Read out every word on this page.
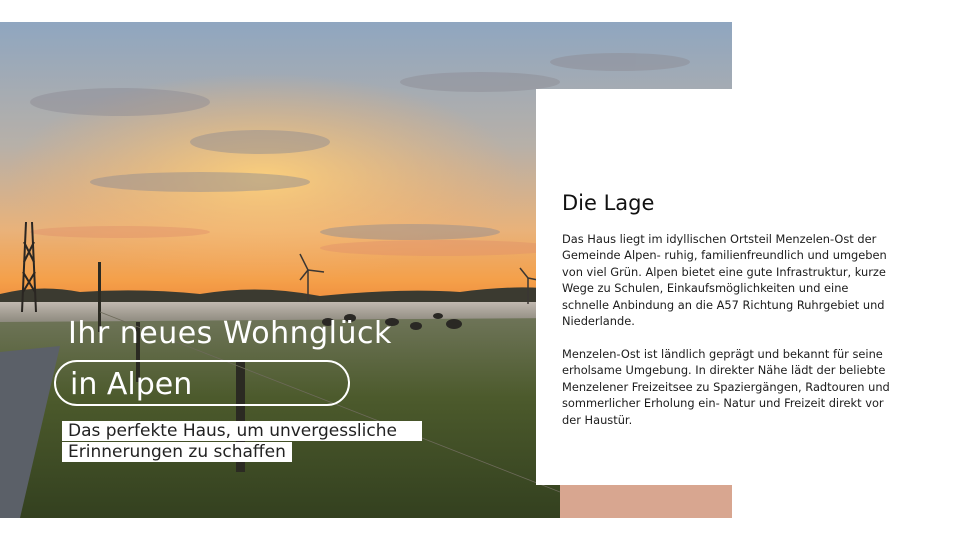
Ihr neues Wohnglück
in Alpen
Das perfekte Haus, um unvergessliche
Erinnerungen zu schaffen
Die Lage

Das Haus liegt im idyllischen Ortsteil Menzelen-Ost der Gemeinde Alpen- ruhig, familienfreundlich und umgeben von viel Grün. Alpen bietet eine gute Infrastruktur, kurze Wege zu Schulen, Einkaufsmöglichkeiten und eine schnelle Anbindung an die A57 Richtung Ruhrgebiet und Niederlande.

Menzelen-Ost ist ländlich geprägt und bekannt für seine erholsame Umgebung. In direkter Nähe lädt der beliebte Menzelener Freizeitsee zu Spaziergängen, Radtouren und sommerlicher Erholung ein- Natur und Freizeit direkt vor der Haustür.
